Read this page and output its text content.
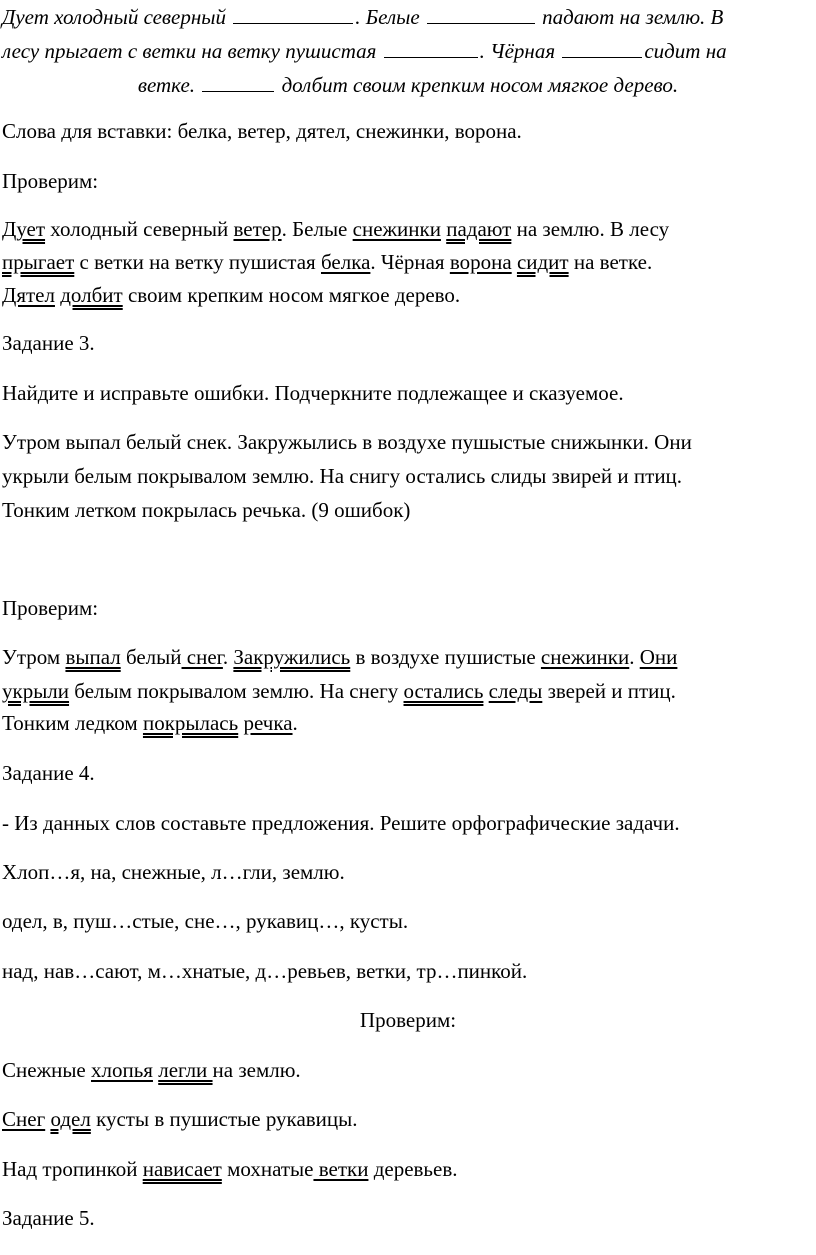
Дует холодный северный	. Белые	падают на землю. В

лесу прыгает с ветки на ветку пушистая	. Чёрная	сидит на

ветке.	долбит своим крепким носом мягкое дерево.

Слова для вставки: белка, ветер, дятел, снежинки, ворона.

Проверим:

Дует холодный северный ветер. Белые снежинки падают на землю. В лесу

прыгает с ветки на ветку пушистая белка. Чёрная ворона сидит на ветке.

Дятел долбит своим крепким носом мягкое дерево.

Задание 3.

Найдите и исправьте ошибки. Подчеркните подлежащее и сказуемое.

Утром выпал белый снек. Закружылись в воздухе пушыстые снижынки. Они

укрыли белым покрывалом землю. На снигу остались слиды звирей и птиц.

Тонким летком покрылась речька. (9 ошибок)

Проверим:

Утром выпал белый снег. Закружились в воздухе пушистые снежинки. Они

укрыли белым покрывалом землю. На снегу остались следы зверей и птиц.

Тонким ледком покрылась речка.

Задание 4.

- Из данных слов составьте предложения. Решите орфографические задачи.

Хлоп…я, на, снежные, л…гли, землю.

одел, в, пуш…стые, сне…, рукавиц…, кусты.

над, нав…сают, м…хнатые, д…ревьев, ветки, тр…пинкой.

Проверим:

Снежные хлопья легли на землю.

Снег одел кусты в пушистые рукавицы.

Над тропинкой нависает мохнатые ветки деревьев.

Задание 5.
